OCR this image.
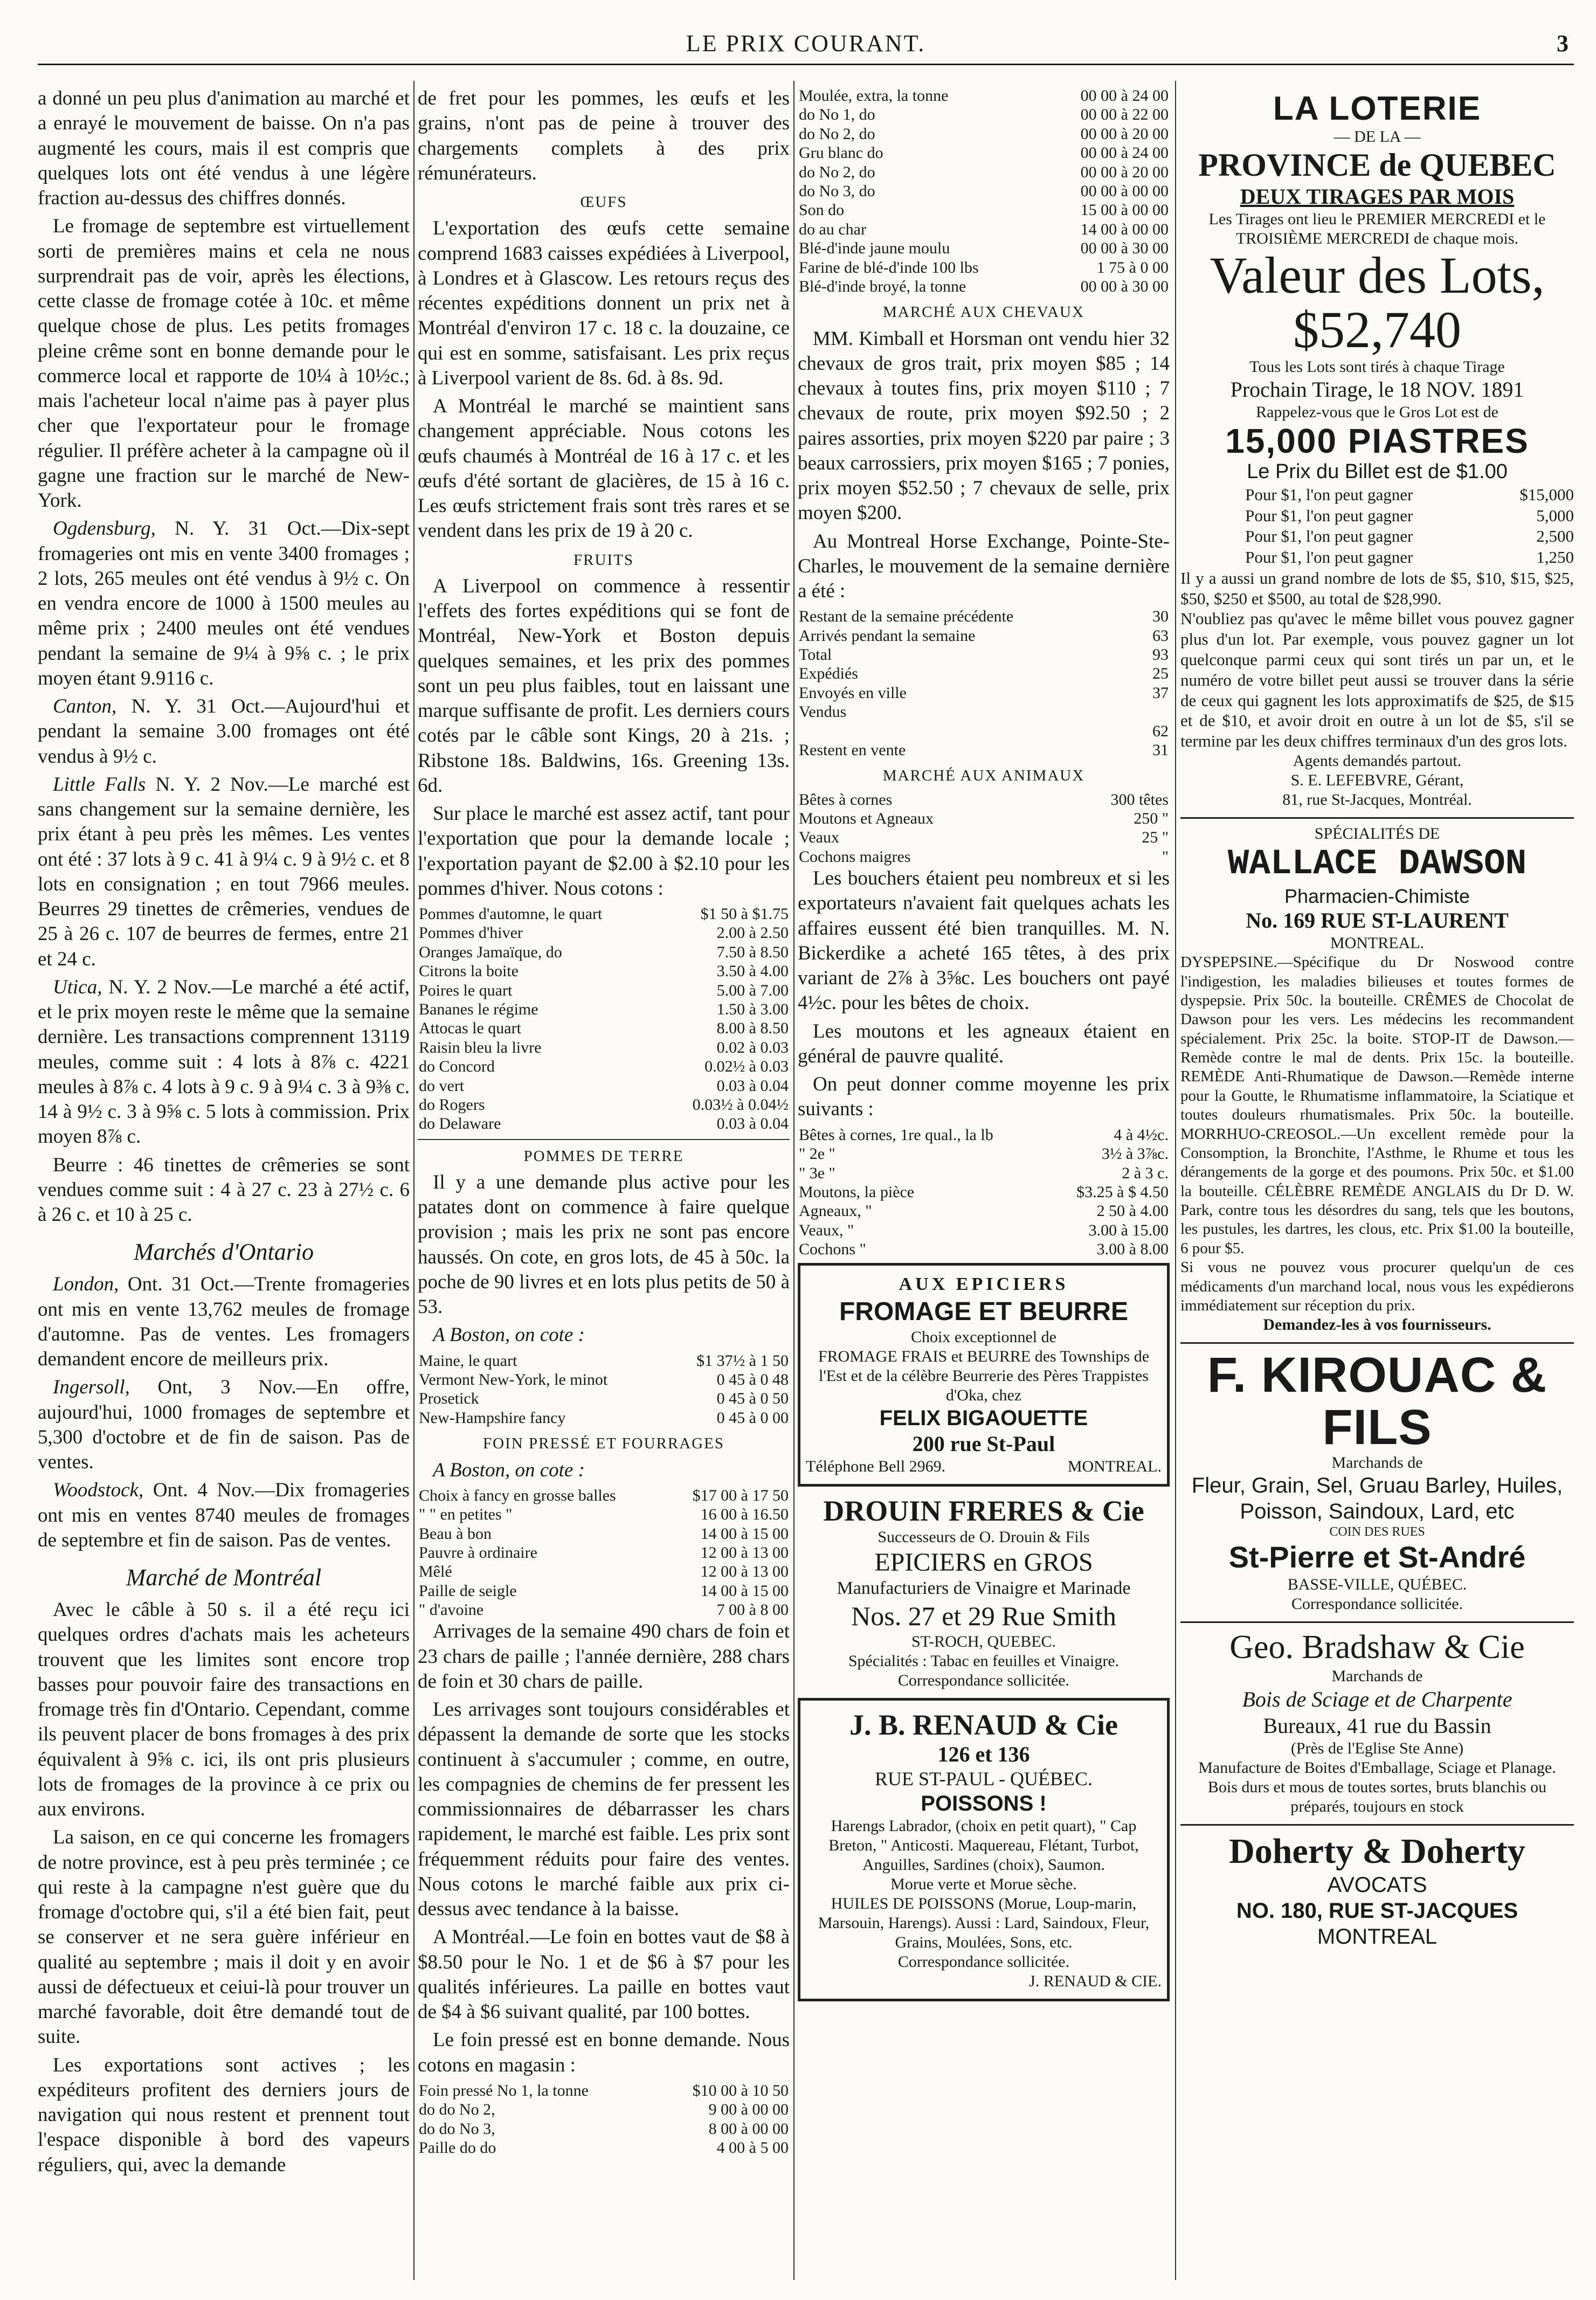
LE PRIX COURANT.	3

a donné un peu plus d'animation au marché et a enrayé le mouvement de baisse. On n'a pas augmenté les cours, mais il est compris que quelques lots ont été vendus à une légère fraction au-dessus des chiffres donnés.

Le fromage de septembre est virtuellement sorti de premières mains et cela ne nous surprendrait pas de voir, après les élections, cette classe de fromage cotée à 10c. et même quelque chose de plus. Les petits fromages pleine crême sont en bonne demande pour le commerce local et rapporte de 10¼ à 10½c.; mais l'acheteur local n'aime pas à payer plus cher que l'exportateur pour le fromage régulier. Il préfère acheter à la campagne où il gagne une fraction sur le marché de New-York.

Ogdensburg, N. Y. 31 Oct.—Dix-sept fromageries ont mis en vente 3400 fromages ; 2 lots, 265 meules ont été vendus à 9½ c. On en vendra encore de 1000 à 1500 meules au même prix ; 2400 meules ont été vendues pendant la semaine de 9¼ à 9⅝ c. ; le prix moyen étant 9.9116 c.

Canton, N. Y. 31 Oct.—Aujourd'hui et pendant la semaine 3.00 fromages ont été vendus à 9½ c.

Little Falls N. Y. 2 Nov.—Le marché est sans changement sur la semaine dernière, les prix étant à peu près les mêmes. Les ventes ont été : 37 lots à 9 c. 41 à 9¼ c. 9 à 9½ c. et 8 lots en consignation ; en tout 7966 meules. Beurres 29 tinettes de crêmeries, vendues de 25 à 26 c. 107 de beurres de fermes, entre 21 et 24 c.

Utica, N. Y. 2 Nov.—Le marché a été actif, et le prix moyen reste le même que la semaine dernière. Les transactions comprennent 13119 meules, comme suit : 4 lots à 8⅞ c. 4221 meules à 8⅞ c. 4 lots à 9 c. 9 à 9¼ c. 3 à 9⅜ c. 14 à 9½ c. 3 à 9⅝ c. 5 lots à commission. Prix moyen 8⅞ c.

Beurre : 46 tinettes de crêmeries se sont vendues comme suit : 4 à 27 c. 23 à 27½ c. 6 à 26 c. et 10 à 25 c.

Marchés d'Ontario

London, Ont. 31 Oct.—Trente fromageries ont mis en vente 13,762 meules de fromage d'automne. Pas de ventes. Les fromagers demandent encore de meilleurs prix.

Ingersoll, Ont, 3 Nov.—En offre, aujourd'hui, 1000 fromages de septembre et 5,300 d'octobre et de fin de saison. Pas de ventes.

Woodstock, Ont. 4 Nov.—Dix fromageries ont mis en ventes 8740 meules de fromages de septembre et fin de saison. Pas de ventes.

Marché de Montréal

Avec le câble à 50 s. il a été reçu ici quelques ordres d'achats mais les acheteurs trouvent que les limites sont encore trop basses pour pouvoir faire des transactions en fromage très fin d'Ontario. Cependant, comme ils peuvent placer de bons fromages à des prix équivalent à 9⅝ c. ici, ils ont pris plusieurs lots de fromages de la province à ce prix ou aux environs.

La saison, en ce qui concerne les fromagers de notre province, est à peu près terminée ; ce qui reste à la campagne n'est guère que du fromage d'octobre qui, s'il a été bien fait, peut se conserver et ne sera guère inférieur en qualité au septembre ; mais il doit y en avoir aussi de défectueux et ceiui-là pour trouver un marché favorable, doit être demandé tout de suite.

Les exportations sont actives ; les expéditeurs profitent des derniers jours de navigation qui nous restent et prennent tout l'espace disponible à bord des vapeurs réguliers, qui, avec la demande

de fret pour les pommes, les œufs et les grains, n'ont pas de peine à trouver des chargements complets à des prix rémunérateurs.

ŒUFS

L'exportation des œufs cette semaine comprend 1683 caisses expédiées à Liverpool, à Londres et à Glascow. Les retours reçus des récentes expéditions donnent un prix net à Montréal d'environ 17 c. 18 c. la douzaine, ce qui est en somme, satisfaisant. Les prix reçus à Liverpool varient de 8s. 6d. à 8s. 9d.

A Montréal le marché se maintient sans changement appréciable. Nous cotons les œufs chaumés à Montréal de 16 à 17 c. et les œufs d'été sortant de glacières, de 15 à 16 c. Les œufs strictement frais sont très rares et se vendent dans les prix de 19 à 20 c.

FRUITS

A Liverpool on commence à ressentir l'effets des fortes expéditions qui se font de Montréal, New-York et Boston depuis quelques semaines, et les prix des pommes sont un peu plus faibles, tout en laissant une marque suffisante de profit. Les derniers cours cotés par le câble sont Kings, 20 à 21s. ; Ribstone 18s. Baldwins, 16s. Greening 13s. 6d.

Sur place le marché est assez actif, tant pour l'exportation que pour la demande locale ; l'exportation payant de $2.00 à $2.10 pour les pommes d'hiver. Nous cotons :

Pommes d'automne, le quart	$1 50 à $1.75
Pommes d'hiver	2.00 à 2.50
Oranges Jamaïque, do	7.50 à 8.50
Citrons la boite	3.50 à 4.00
Poires le quart	5.00 à 7.00
Bananes le régime	1.50 à 3.00
Attocas le quart	8.00 à 8.50
Raisin bleu la livre	0.02 à 0.03
do Concord	0.02½ à 0.03
do vert	0.03 à 0.04
do Rogers	0.03½ à 0.04½
do Delaware	0.03 à 0.04
POMMES DE TERRE

Il y a une demande plus active pour les patates dont on commence à faire quelque provision ; mais les prix ne sont pas encore haussés. On cote, en gros lots, de 45 à 50c. la poche de 90 livres et en lots plus petits de 50 à 53.

A Boston, on cote :

Maine, le quart	$1 37½ à 1 50
Vermont New-York, le minot	0 45 à 0 48
Prosetick	0 45 à 0 50
New-Hampshire fancy	0 45 à 0 00
FOIN PRESSÉ ET FOURRAGES

A Boston, on cote :

Choix à fancy en grosse balles	$17 00 à 17 50
" " en petites "	16 00 à 16.50
Beau à bon	14 00 à 15 00
Pauvre à ordinaire	12 00 à 13 00
Mêlé	12 00 à 13 00
Paille de seigle	14 00 à 15 00
" d'avoine	7 00 à 8 00

Arrivages de la semaine 490 chars de foin et 23 chars de paille ; l'année dernière, 288 chars de foin et 30 chars de paille.

Les arrivages sont toujours considérables et dépassent la demande de sorte que les stocks continuent à s'accumuler ; comme, en outre, les compagnies de chemins de fer pressent les commissionnaires de débarrasser les chars rapidement, le marché est faible. Les prix sont fréquemment réduits pour faire des ventes. Nous cotons le marché faible aux prix ci-dessus avec tendance à la baisse.

A Montréal.—Le foin en bottes vaut de $8 à $8.50 pour le No. 1 et de $6 à $7 pour les qualités inférieures. La paille en bottes vaut de $4 à $6 suivant qualité, par 100 bottes.

Le foin pressé est en bonne demande. Nous cotons en magasin :

Foin pressé No 1, la tonne	$10 00 à 10 50
do do No 2,	9 00 à 00 00
do do No 3,	8 00 à 00 00
Paille do do	4 00 à 5 00
Moulée, extra, la tonne	00 00 à 24 00
do No 1, do	00 00 à 22 00
do No 2, do	00 00 à 20 00
Gru blanc do	00 00 à 24 00
do No 2, do	00 00 à 20 00
do No 3, do	00 00 à 00 00
Son do	15 00 à 00 00
do au char	14 00 à 00 00
Blé-d'inde jaune moulu	00 00 à 30 00
Farine de blé-d'inde 100 lbs	1 75 à 0 00
Blé-d'inde broyé, la tonne	00 00 à 30 00
MARCHÉ AUX CHEVAUX

MM. Kimball et Horsman ont vendu hier 32 chevaux de gros trait, prix moyen $85 ; 14 chevaux à toutes fins, prix moyen $110 ; 7 chevaux de route, prix moyen $92.50 ; 2 paires assorties, prix moyen $220 par paire ; 3 beaux carrossiers, prix moyen $165 ; 7 ponies, prix moyen $52.50 ; 7 chevaux de selle, prix moyen $200.

Au Montreal Horse Exchange, Pointe-Ste-Charles, le mouvement de la semaine dernière a été :

Restant de la semaine précédente	30
Arrivés pendant la semaine	63
Total	93
Expédiés	25
Envoyés en ville	37
Vendus	
	62
Restent en vente	31
MARCHÉ AUX ANIMAUX
Bêtes à cornes	300 têtes
Moutons et Agneaux	250 "
Veaux	25 "
Cochons maigres	"

Les bouchers étaient peu nombreux et si les exportateurs n'avaient fait quelques achats les affaires eussent été bien tranquilles. M. N. Bickerdike a acheté 165 têtes, à des prix variant de 2⅞ à 3⅝c. Les bouchers ont payé 4½c. pour les bêtes de choix.

Les moutons et les agneaux étaient en général de pauvre qualité.

On peut donner comme moyenne les prix suivants :

Bêtes à cornes, 1re qual., la lb	4 à 4½c.
" 2e "	3½ à 3⅞c.
" 3e "	2 à 3 c.
Moutons, la pièce	$3.25 à $ 4.50
Agneaux, "	2 50 à 4.00
Veaux, "	3.00 à 15.00
Cochons "	3.00 à 8.00
AUX EPICIERS
FROMAGE ET BEURRE
Choix exceptionnel de
FROMAGE FRAIS et BEURRE des Townships de l'Est et de la célèbre Beurrerie des Pères Trappistes d'Oka, chez
FELIX BIGAOUETTE
200 rue St-Paul
Téléphone Bell 2969.	MONTREAL.
DROUIN FRERES & Cie
Successeurs de O. Drouin & Fils
EPICIERS en GROS
Manufacturiers de Vinaigre et Marinade
Nos. 27 et 29 Rue Smith
ST-ROCH, QUEBEC.
Spécialités : Tabac en feuilles et Vinaigre.
Correspondance sollicitée.
J. B. RENAUD & Cie
126 et 136
RUE ST-PAUL - QUÉBEC.
POISSONS !
Harengs Labrador, (choix en petit quart), " Cap Breton, " Anticosti. Maquereau, Flétant, Turbot, Anguilles, Sardines (choix), Saumon.
Morue verte et Morue sèche.
HUILES DE POISSONS (Morue, Loup-marin, Marsouin, Harengs). Aussi : Lard, Saindoux, Fleur, Grains, Moulées, Sons, etc.
Correspondance sollicitée.
J. RENAUD & CIE.
LA LOTERIE
— DE LA —
PROVINCE de QUEBEC
DEUX TIRAGES PAR MOIS
Les Tirages ont lieu le PREMIER MERCREDI et le TROISIÈME MERCREDI de chaque mois.
Valeur des Lots, $52,740
Tous les Lots sont tirés à chaque Tirage
Prochain Tirage, le 18 NOV. 1891
Rappelez-vous que le Gros Lot est de
15,000 PIASTRES
Le Prix du Billet est de $1.00
Pour $1, l'on peut gagner	$15,000
Pour $1, l'on peut gagner	5,000
Pour $1, l'on peut gagner	2,500
Pour $1, l'on peut gagner	1,250
Il y a aussi un grand nombre de lots de $5, $10, $15, $25, $50, $250 et $500, au total de $28,990.
N'oubliez pas qu'avec le même billet vous pouvez gagner plus d'un lot. Par exemple, vous pouvez gagner un lot quelconque parmi ceux qui sont tirés un par un, et le numéro de votre billet peut aussi se trouver dans la série de ceux qui gagnent les lots approximatifs de $25, de $15 et de $10, et avoir droit en outre à un lot de $5, s'il se termine par les deux chiffres terminaux d'un des gros lots.
Agents demandés partout.
S. E. LEFEBVRE, Gérant,
81, rue St-Jacques, Montréal.
SPÉCIALITÉS DE
WALLACE DAWSON
Pharmacien-Chimiste
No. 169 RUE ST-LAURENT
MONTREAL.
DYSPEPSINE.—Spécifique du Dr Noswood contre l'indigestion, les maladies bilieuses et toutes formes de dyspepsie. Prix 50c. la bouteille. CRÊMES de Chocolat de Dawson pour les vers. Les médecins les recommandent spécialement. Prix 25c. la boite. STOP-IT de Dawson.—Remède contre le mal de dents. Prix 15c. la bouteille. REMÈDE Anti-Rhumatique de Dawson.—Remède interne pour la Goutte, le Rhumatisme inflammatoire, la Sciatique et toutes douleurs rhumatismales. Prix 50c. la bouteille. MORRHUO-CREOSOL.—Un excellent remède pour la Consomption, la Bronchite, l'Asthme, le Rhume et tous les dérangements de la gorge et des poumons. Prix 50c. et $1.00 la bouteille. CÉLÈBRE REMÈDE ANGLAIS du Dr D. W. Park, contre tous les désordres du sang, tels que les boutons, les pustules, les dartres, les clous, etc. Prix $1.00 la bouteille, 6 pour $5.
Si vous ne pouvez vous procurer quelqu'un de ces médicaments d'un marchand local, nous vous les expédierons immédiatement sur réception du prix.
Demandez-les à vos fournisseurs.
F. KIROUAC & FILS
Marchands de
Fleur, Grain, Sel, Gruau Barley, Huiles, Poisson, Saindoux, Lard, etc
COIN DES RUES
St-Pierre et St-André
BASSE-VILLE, QUÉBEC.
Correspondance sollicitée.
Geo. Bradshaw & Cie
Marchands de
Bois de Sciage et de Charpente
Bureaux, 41 rue du Bassin
(Près de l'Eglise Ste Anne)
Manufacture de Boites d'Emballage, Sciage et Planage.
Bois durs et mous de toutes sortes, bruts blanchis ou préparés, toujours en stock
Doherty & Doherty
AVOCATS
NO. 180, RUE ST-JACQUES
MONTREAL
